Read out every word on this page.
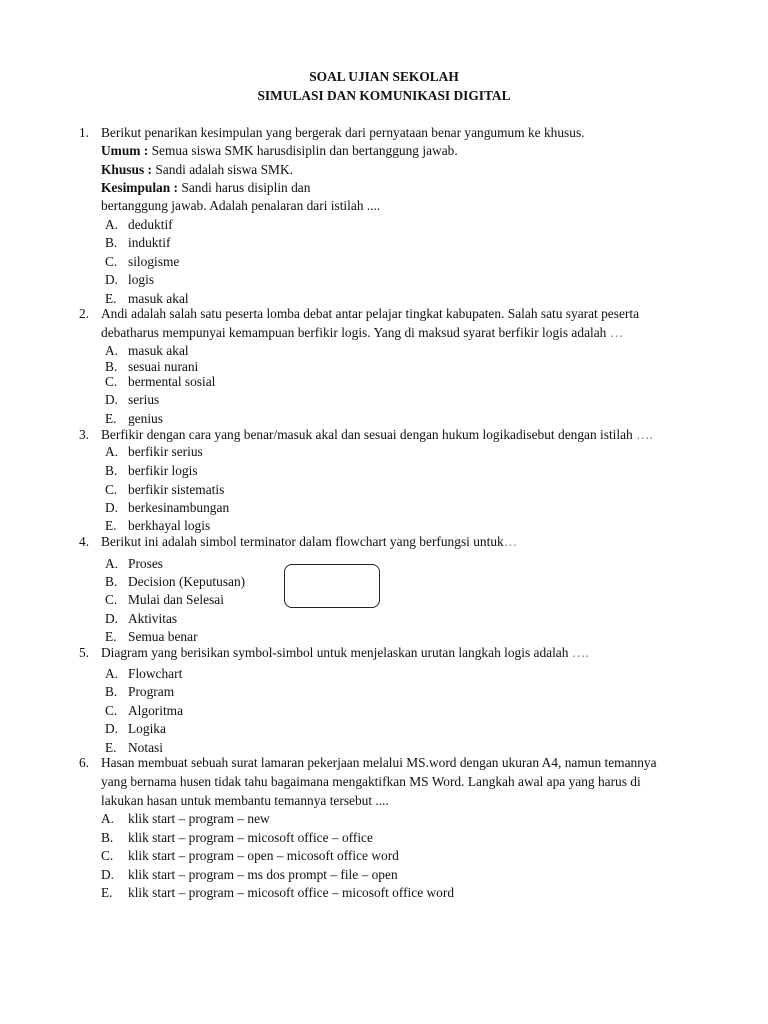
SOAL UJIAN SEKOLAH
SIMULASI DAN KOMUNIKASI DIGITAL
1. Berikut penarikan kesimpulan yang bergerak dari pernyataan benar yangumum ke khusus.
Umum : Semua siswa SMK harusdisiplin dan bertanggung jawab.
Khusus : Sandi adalah siswa SMK.
Kesimpulan : Sandi harus disiplin dan
bertanggung jawab. Adalah penalaran dari istilah ....
A. deduktif
B. induktif
C. silogisme
D. logis
E. masuk akal
2. Andi adalah salah satu peserta lomba debat antar pelajar tingkat kabupaten. Salah satu syarat peserta
debatharus mempunyai kemampuan berfikir logis. Yang di maksud syarat berfikir logis adalah …
A. masuk akal
B. sesuai nurani
C. bermental sosial
D. serius
E. genius
3. Berfikir dengan cara yang benar/masuk akal dan sesuai dengan hukum logikadisebut dengan istilah ….
A. berfikir serius
B. berfikir logis
C. berfikir sistematis
D. berkesinambungan
E. berkhayal logis
4. Berikut ini adalah simbol terminator dalam flowchart yang berfungsi untuk…
A. Proses
B. Decision (Keputusan)
C. Mulai dan Selesai
D. Aktivitas
E. Semua benar
5. Diagram yang berisikan symbol-simbol untuk menjelaskan urutan langkah logis adalah ….
A. Flowchart
B. Program
C. Algoritma
D. Logika
E. Notasi
6. Hasan membuat sebuah surat lamaran pekerjaan melalui MS.word dengan ukuran A4, namun temannya
yang bernama husen tidak tahu bagaimana mengaktifkan MS Word. Langkah awal apa yang harus di
lakukan hasan untuk membantu temannya tersebut ....
A. klik start – program – new
B. klik start – program – micosoft office – office
C. klik start – program – open – micosoft office word
D. klik start – program – ms dos prompt – file – open
E. klik start – program – micosoft office – micosoft office word
